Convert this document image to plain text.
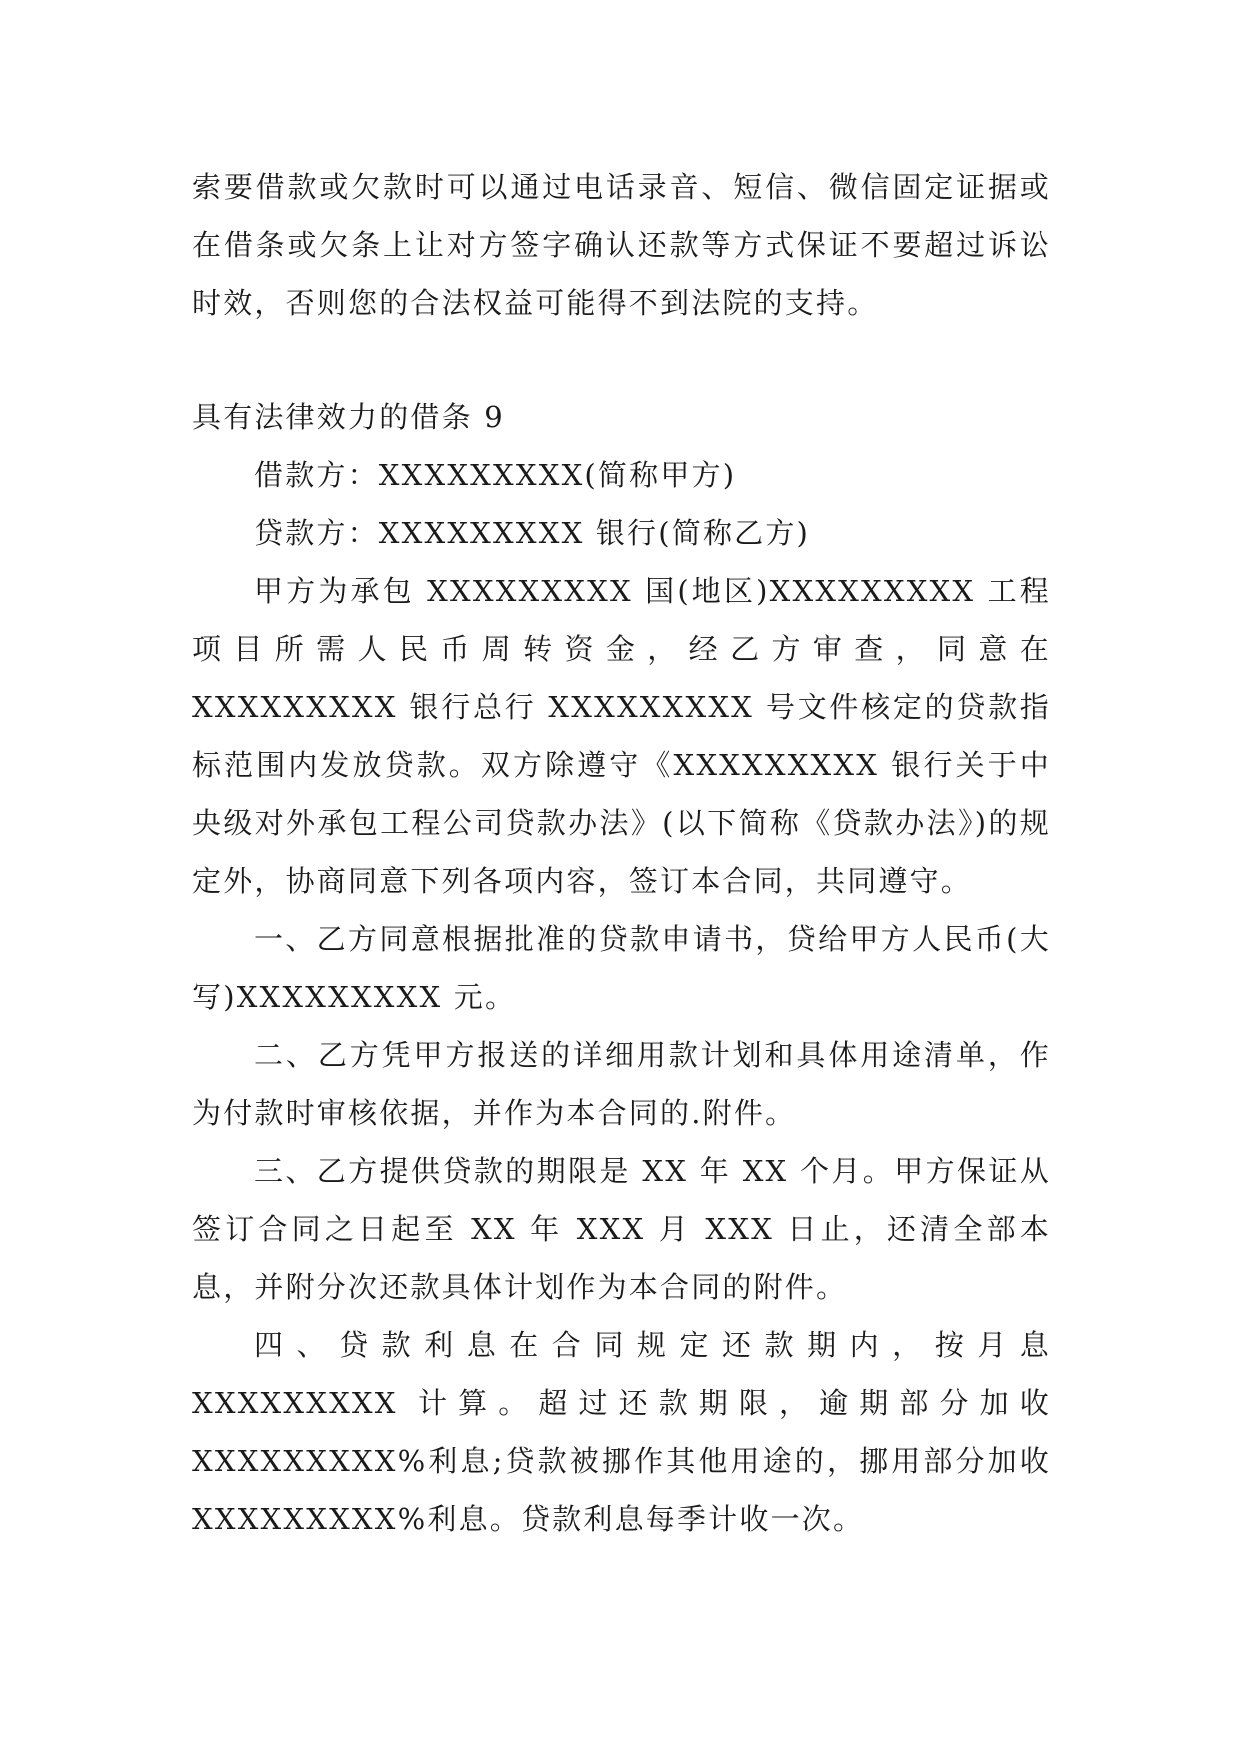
索要借款或欠款时可以通过电话录音、短信、微信固定证据或在借条或欠条上让对方签字确认还款等方式保证不要超过诉讼时效，否则您的合法权益可能得不到法院的支持。

具有法律效力的借条 9

借款方：XXXXXXXXX(简称甲方)

贷款方：XXXXXXXXX 银行(简称乙方)

甲方为承包 XXXXXXXXX 国(地区)XXXXXXXXX 工程项目所需人民币周转资金，经乙方审查，同意在 XXXXXXXXX 银行总行 XXXXXXXXX 号文件核定的贷款指标范围内发放贷款。双方除遵守《XXXXXXXXX 银行关于中央级对外承包工程公司贷款办法》(以下简称《贷款办法》)的规定外，协商同意下列各项内容，签订本合同，共同遵守。

一、乙方同意根据批准的贷款申请书，贷给甲方人民币(大写)XXXXXXXXX 元。

二、乙方凭甲方报送的详细用款计划和具体用途清单，作为付款时审核依据，并作为本合同的.附件。

三、乙方提供贷款的期限是 XX 年 XX 个月。甲方保证从签订合同之日起至 XX 年 XXX 月 XXX 日止，还清全部本息，并附分次还款具体计划作为本合同的附件。

四、贷款利息在合同规定还款期内，按月息 XXXXXXXXX 计算。超过还款期限，逾期部分加收 XXXXXXXXX%利息;贷款被挪作其他用途的，挪用部分加收 XXXXXXXXX%利息。贷款利息每季计收一次。
